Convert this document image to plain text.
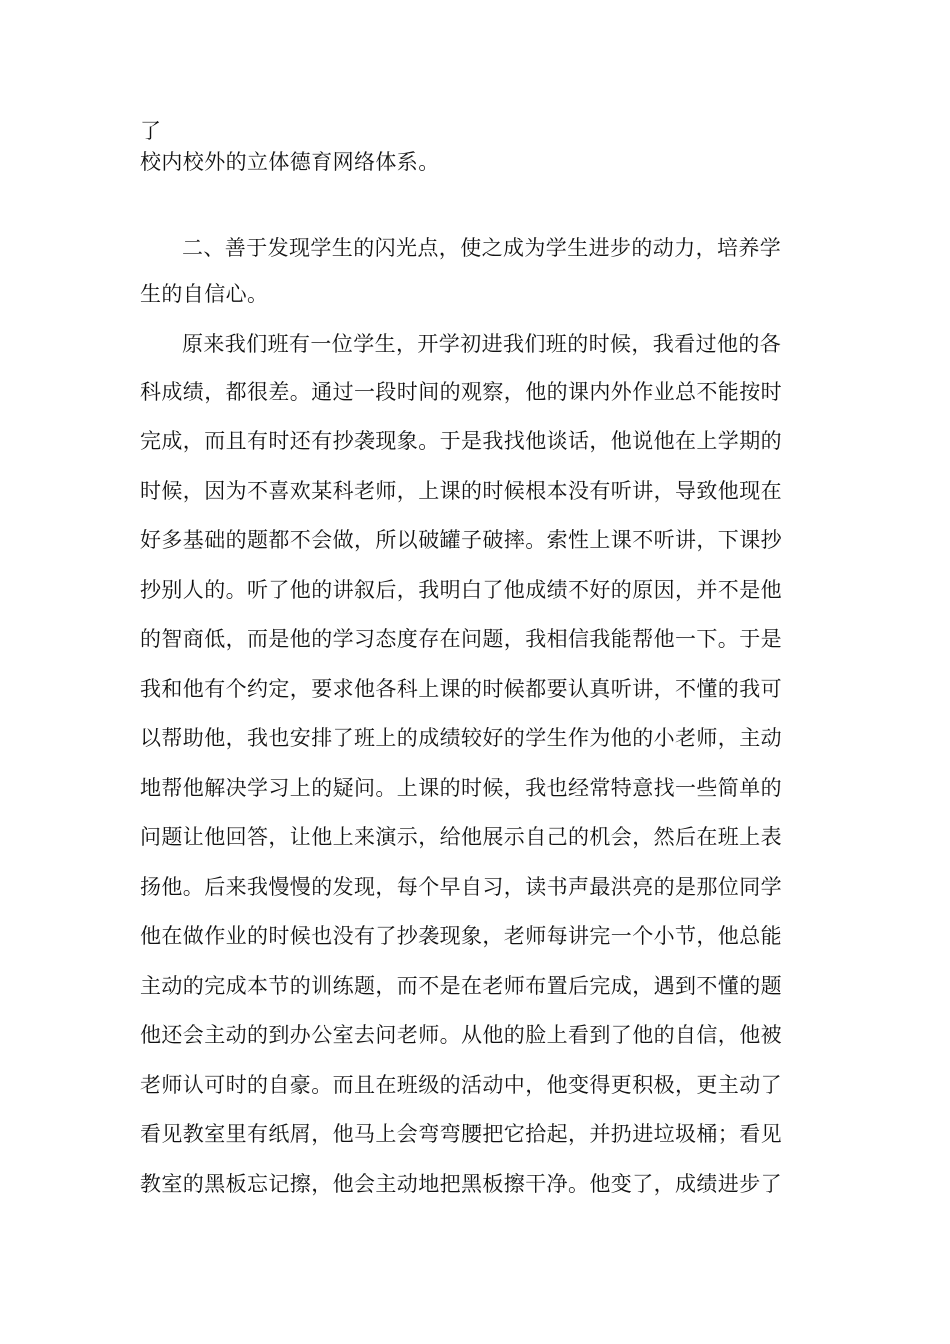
了
校内校外的立体德育网络体系。
二、善于发现学生的闪光点，使之成为学生进步的动力，培养学
生的自信心。
原来我们班有一位学生，开学初进我们班的时候，我看过他的各
科成绩，都很差。通过一段时间的观察，他的课内外作业总不能按时
完成，而且有时还有抄袭现象。于是我找他谈话，他说他在上学期的
时候，因为不喜欢某科老师，上课的时候根本没有听讲，导致他现在
好多基础的题都不会做，所以破罐子破摔。索性上课不听讲，下课抄
抄别人的。听了他的讲叙后，我明白了他成绩不好的原因，并不是他
的智商低，而是他的学习态度存在问题，我相信我能帮他一下。于是
我和他有个约定，要求他各科上课的时候都要认真听讲，不懂的我可
以帮助他，我也安排了班上的成绩较好的学生作为他的小老师，主动
地帮他解决学习上的疑问。上课的时候，我也经常特意找一些简单的
问题让他回答，让他上来演示，给他展示自己的机会，然后在班上表
扬他。后来我慢慢的发现，每个早自习，读书声最洪亮的是那位同学
他在做作业的时候也没有了抄袭现象，老师每讲完一个小节，他总能
主动的完成本节的训练题，而不是在老师布置后完成，遇到不懂的题
他还会主动的到办公室去问老师。从他的脸上看到了他的自信，他被
老师认可时的自豪。而且在班级的活动中，他变得更积极，更主动了
看见教室里有纸屑，他马上会弯弯腰把它拾起，并扔进垃圾桶；看见
教室的黑板忘记擦，他会主动地把黑板擦干净。他变了，成绩进步了
